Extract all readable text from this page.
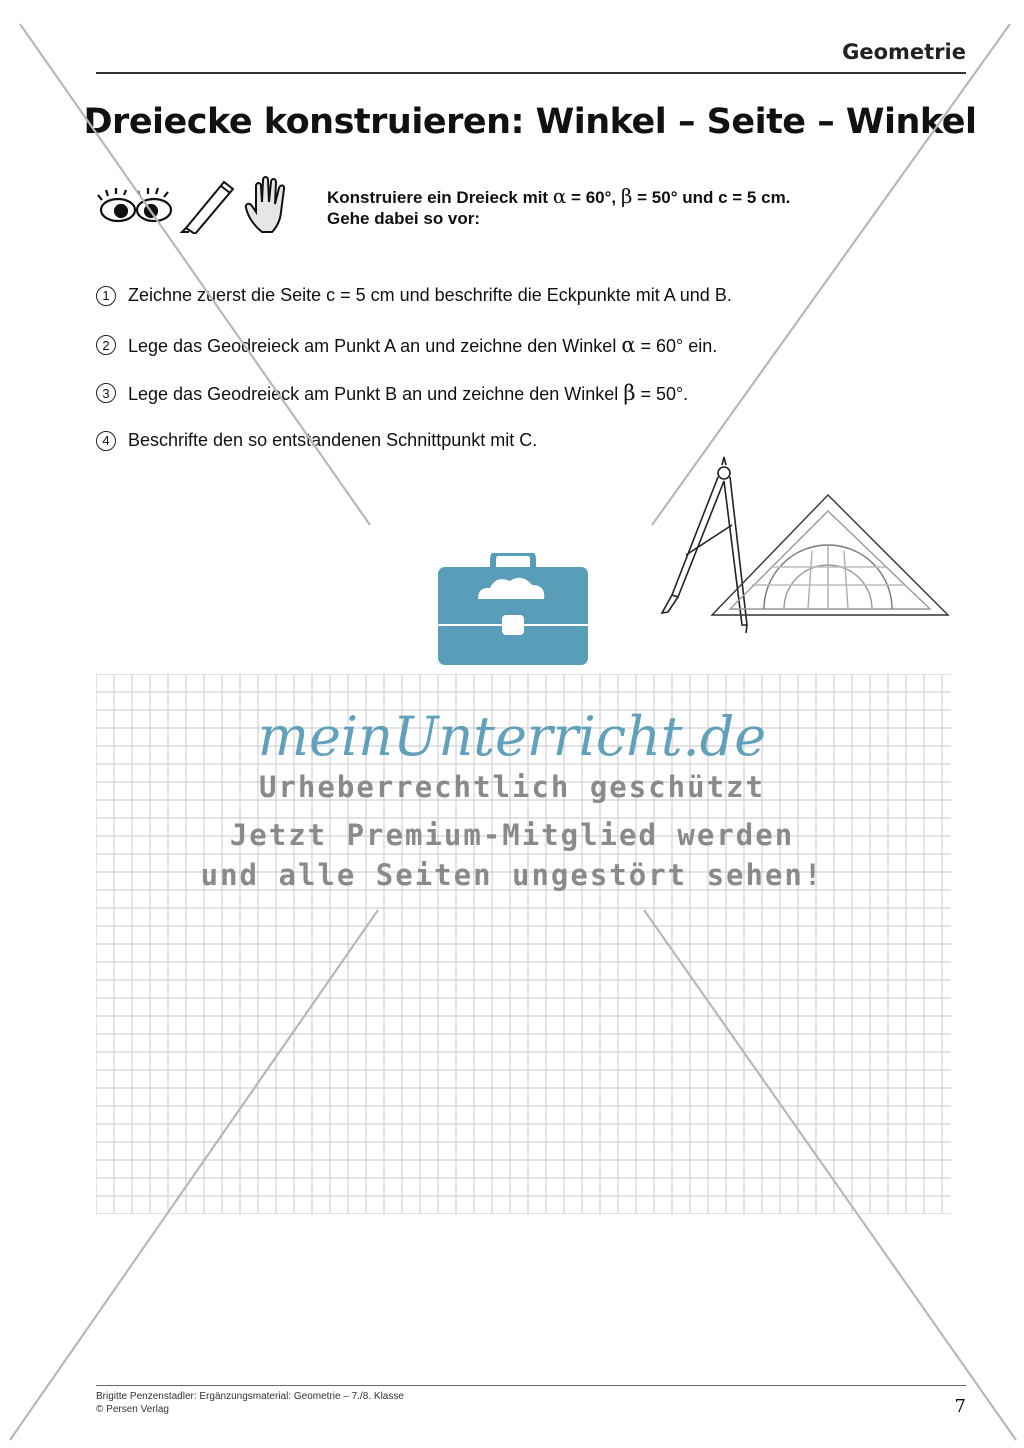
Geometrie
Dreiecke konstruieren: Winkel – Seite – Winkel
Konstruiere ein Dreieck mit α = 60°, β = 50° und c = 5 cm.
Gehe dabei so vor:
1	Zeichne zuerst die Seite c = 5 cm und beschrifte die Eckpunkte mit A und B.
2	Lege das Geodreieck am Punkt A an und zeichne den Winkel α = 60° ein.
3	Lege das Geodreieck am Punkt B an und zeichne den Winkel β = 50°.
4	Beschrifte den so entstandenen Schnittpunkt mit C.
meinUnterricht.de
Urheberrechtlich geschützt
Jetzt Premium-Mitglied werden
und alle Seiten ungestört sehen!
Brigitte Penzenstadler: Ergänzungsmaterial: Geometrie – 7./8. Klasse
© Persen Verlag	7
